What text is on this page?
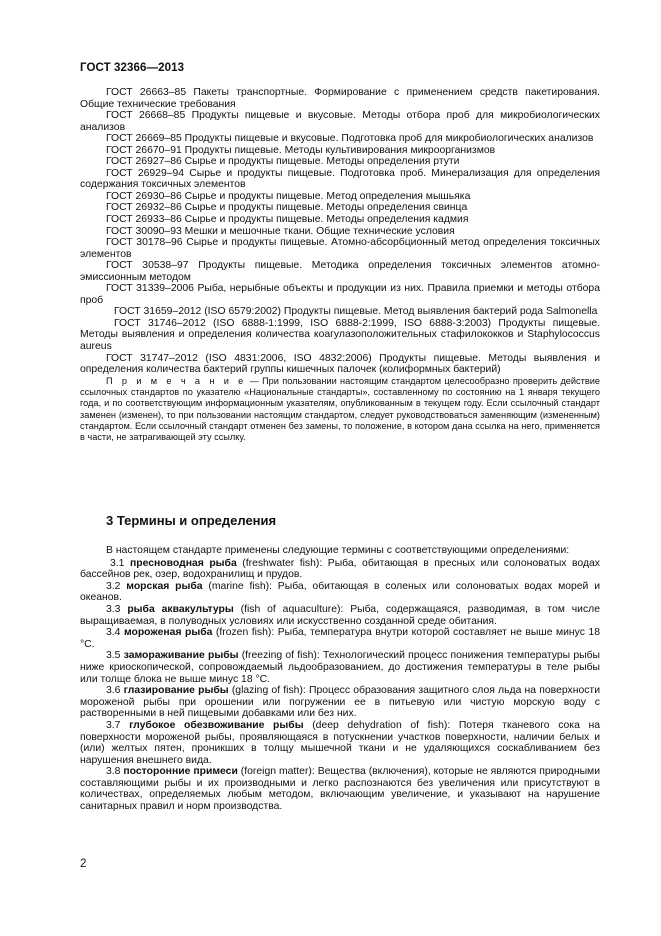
ГОСТ 32366—2013

ГОСТ 26663–85 Пакеты транспортные. Формирование с применением средств пакетирования. Общие технические требования

ГОСТ 26668–85 Продукты пищевые и вкусовые. Методы отбора проб для микробиологических анализов

ГОСТ 26669–85 Продукты пищевые и вкусовые. Подготовка проб для микробиологических анализов

ГОСТ 26670–91 Продукты пищевые. Методы культивирования микроорганизмов

ГОСТ 26927–86 Сырье и продукты пищевые. Методы определения ртути

ГОСТ 26929–94 Сырье и продукты пищевые. Подготовка проб. Минерализация для определения содержания токсичных элементов

ГОСТ 26930–86 Сырье и продукты пищевые. Метод определения мышьяка

ГОСТ 26932–86 Сырье и продукты пищевые. Методы определения свинца

ГОСТ 26933–86 Сырье и продукты пищевые. Методы определения кадмия

ГОСТ 30090–93 Мешки и мешочные ткани. Общие технические условия

ГОСТ 30178–96 Сырье и продукты пищевые. Атомно-абсорбционный метод определения токсичных элементов

ГОСТ 30538–97 Продукты пищевые. Методика определения токсичных элементов атомно-эмиссионным методом

ГОСТ 31339–2006 Рыба, нерыбные объекты и продукции из них. Правила приемки и методы отбора проб

ГОСТ 31659–2012 (ISO 6579:2002) Продукты пищевые. Метод выявления бактерий рода Salmonella

ГОСТ 31746–2012 (ISO 6888-1:1999, ISO 6888-2:1999, ISO 6888-3:2003) Продукты пищевые. Методы выявления и определения количества коагулазоположительных стафилококков и Staphylococcus aureus

ГОСТ 31747–2012 (ISO 4831:2006, ISO 4832:2006) Продукты пищевые. Методы выявления и определения количества бактерий группы кишечных палочек (колиформных бактерий)

П р и м е ч а н и е — При пользовании настоящим стандартом целесообразно проверить действие ссылочных стандартов по указателю «Национальные стандарты», составленному по состоянию на 1 января текущего года, и по соответствующим информационным указателям, опубликованным в текущем году. Если ссылочный стандарт заменен (изменен), то при пользовании настоящим стандартом, следует руководствоваться заменяющим (измененным) стандартом. Если ссылочный стандарт отменен без замены, то положение, в котором дана ссылка на него, применяется в части, не затрагивающей эту ссылку.

3 Термины и определения

В настоящем стандарте применены следующие термины с соответствующими определениями:

3.1 пресноводная рыба (freshwater fish): Рыба, обитающая в пресных или солоноватых водах бассейнов рек, озер, водохранилищ и прудов.

3.2 морская рыба (marine fish): Рыба, обитающая в соленых или солоноватых водах морей и океанов.

3.3 рыба аквакультуры (fish of aquaculture): Рыба, содержащаяся, разводимая, в том числе выращиваемая, в полуводных условиях или искусственно созданной среде обитания.

3.4 мороженая рыба (frozen fish): Рыба, температура внутри которой составляет не выше минус 18 °С.

3.5 замораживание рыбы (freezing of fish): Технологический процесс понижения температуры рыбы ниже криоскопической, сопровождаемый льдообразованием, до достижения температуры в теле рыбы или толще блока не выше минус 18 °С.

3.6 глазирование рыбы (glazing of fish): Процесс образования защитного слоя льда на поверхности мороженой рыбы при орошении или погружении ее в питьевую или чистую морскую воду с растворенными в ней пищевыми добавками или без них.

3.7 глубокое обезвоживание рыбы (deep dehydration of fish): Потеря тканевого сока на поверхности мороженой рыбы, проявляющаяся в потускнении участков поверхности, наличии белых и (или) желтых пятен, проникших в толщу мышечной ткани и не удаляющихся соскабливанием без нарушения внешнего вида.

3.8 посторонние примеси (foreign matter): Вещества (включения), которые не являются природными составляющими рыбы и их производными и легко распознаются без увеличения или присутствуют в количествах, определяемых любым методом, включающим увеличение, и указывают на нарушение санитарных правил и норм производства.

2
